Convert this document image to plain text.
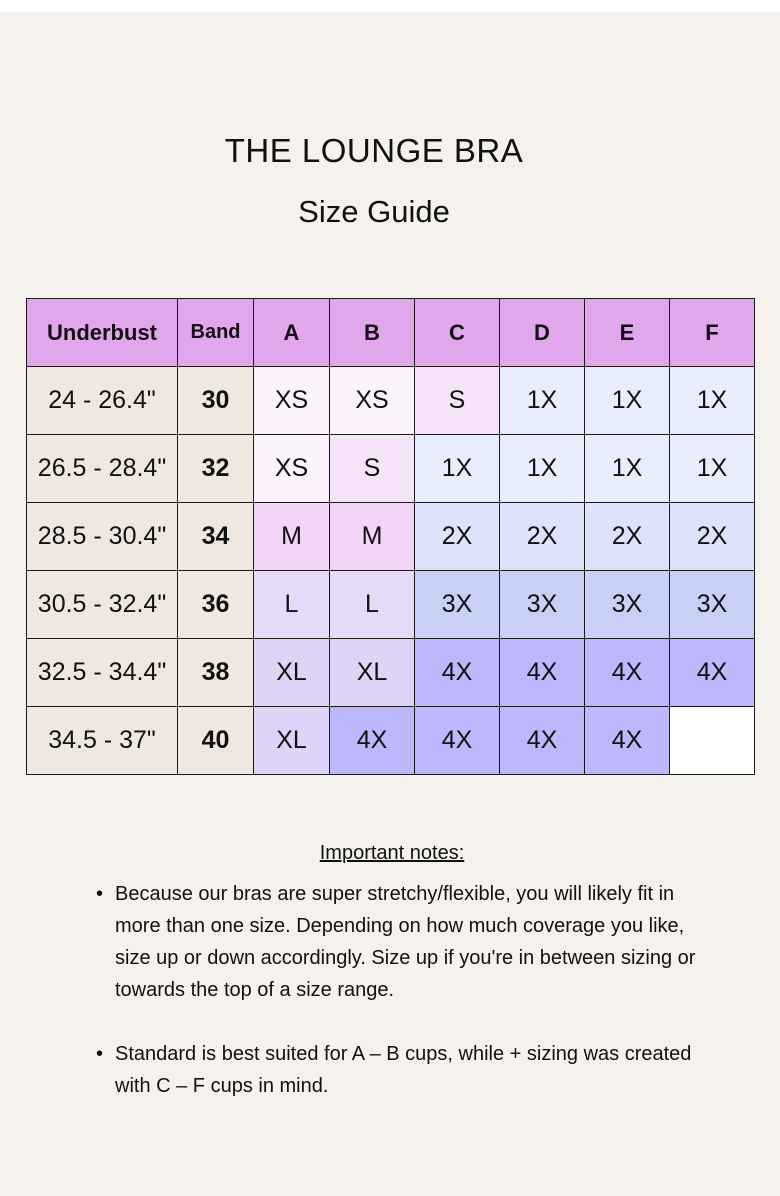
THE LOUNGE BRA
Size Guide
Underbust	Band	A	B	C	D	E	F
24 - 26.4"	30	XS	XS	S	1X	1X	1X
26.5 - 28.4"	32	XS	S	1X	1X	1X	1X
28.5 - 30.4"	34	M	M	2X	2X	2X	2X
30.5 - 32.4"	36	L	L	3X	3X	3X	3X
32.5 - 34.4"	38	XL	XL	4X	4X	4X	4X
34.5 - 37"	40	XL	4X	4X	4X	4X	
Important notes:
• Because our bras are super stretchy/flexible, you will likely fit in more than one size. Depending on how much coverage you like, size up or down accordingly. Size up if you're in between sizing or towards the top of a size range.
• Standard is best suited for A – B cups, while + sizing was created with C – F cups in mind.
